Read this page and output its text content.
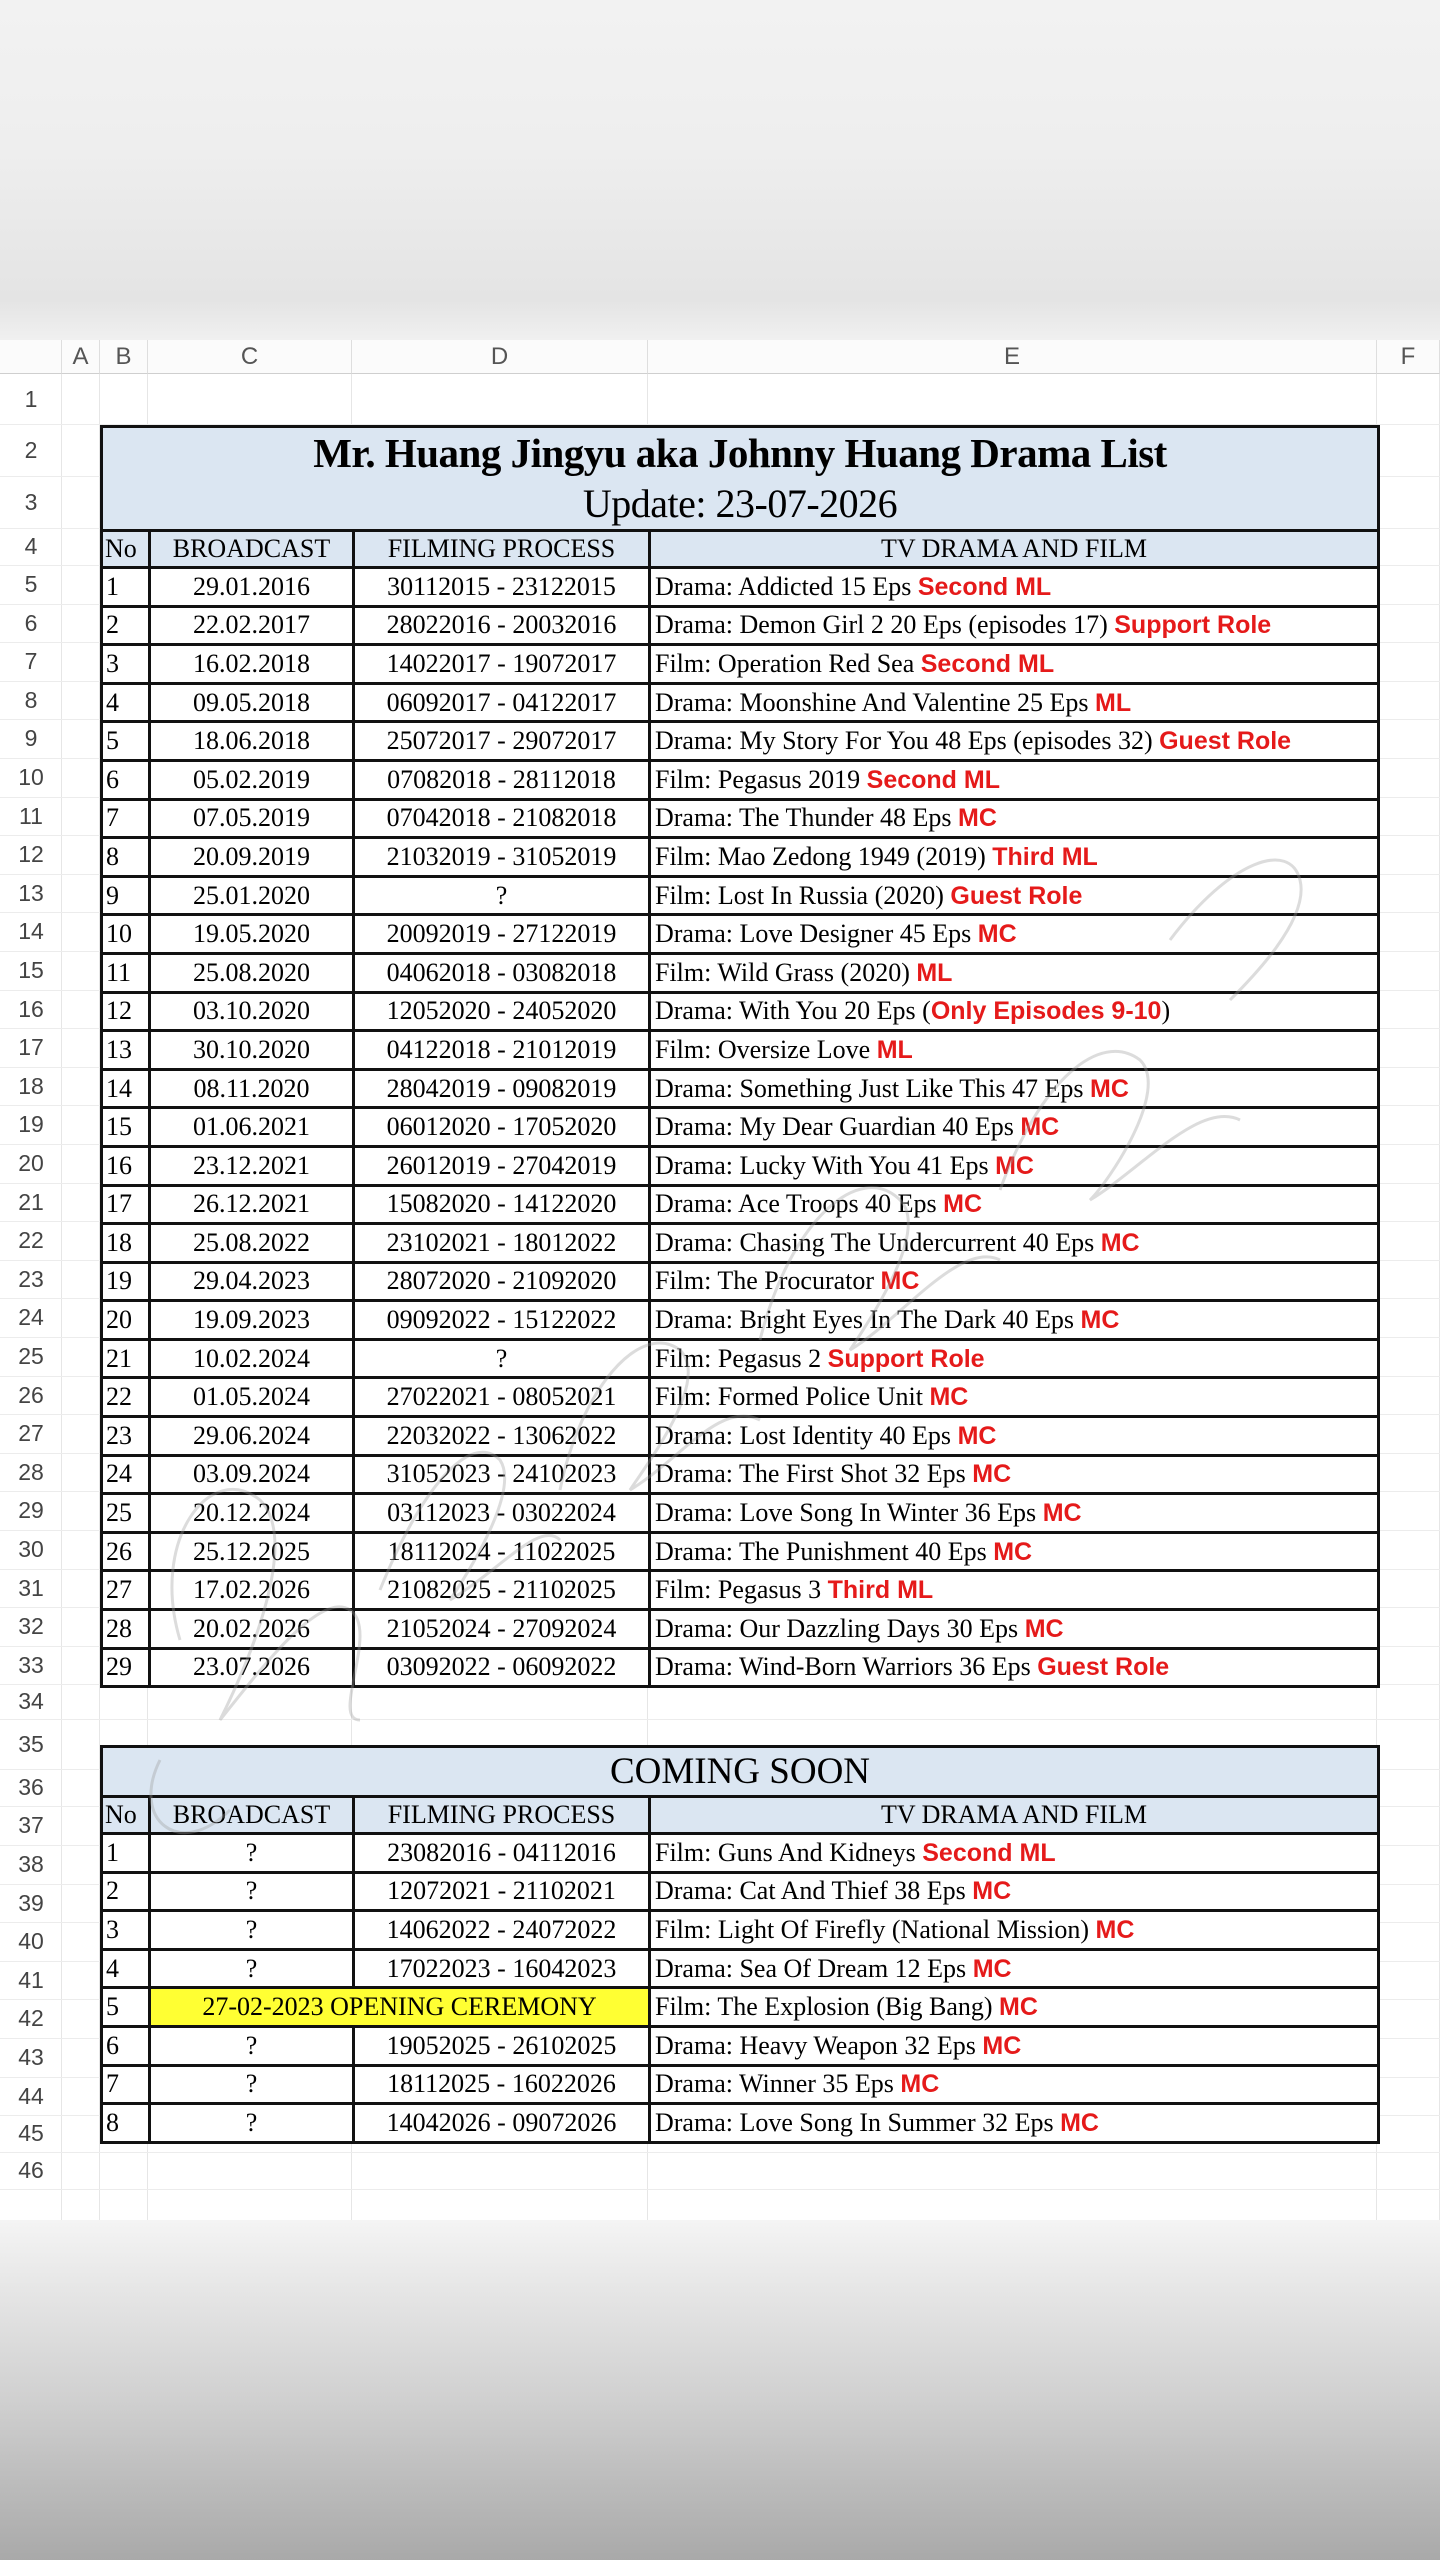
A	B	C	D	E	F
1
2
3
4
5
6
7
8
9
10
11
12
13
14
15
16
17
18
19
20
21
22
23
24
25
26
27
28
29
30
31
32
33
34
35
36
37
38
39
40
41
42
43
44
45
46
Mr. Huang Jingyu aka Johnny Huang Drama List			
Update: 23-07-2026			
No	BROADCAST	FILMING PROCESS	TV DRAMA AND FILM
1	29.01.2016	30112015 - 23122015	Drama: Addicted 15 Eps Second ML
2	22.02.2017	28022016 - 20032016	Drama: Demon Girl 2 20 Eps (episodes 17) Support Role
3	16.02.2018	14022017 - 19072017	Film: Operation Red Sea Second ML
4	09.05.2018	06092017 - 04122017	Drama: Moonshine And Valentine 25 Eps ML
5	18.06.2018	25072017 - 29072017	Drama: My Story For You 48 Eps (episodes 32) Guest Role
6	05.02.2019	07082018 - 28112018	Film: Pegasus 2019 Second ML
7	07.05.2019	07042018 - 21082018	Drama: The Thunder 48 Eps MC
8	20.09.2019	21032019 - 31052019	Film: Mao Zedong 1949 (2019) Third ML
9	25.01.2020	?	Film: Lost In Russia (2020) Guest Role
10	19.05.2020	20092019 - 27122019	Drama: Love Designer 45 Eps MC
11	25.08.2020	04062018 - 03082018	Film: Wild Grass (2020) ML
12	03.10.2020	12052020 - 24052020	Drama: With You 20 Eps (Only Episodes 9-10)
13	30.10.2020	04122018 - 21012019	Film: Oversize Love ML
14	08.11.2020	28042019 - 09082019	Drama: Something Just Like This 47 Eps MC
15	01.06.2021	06012020 - 17052020	Drama: My Dear Guardian 40 Eps MC
16	23.12.2021	26012019 - 27042019	Drama: Lucky With You 41 Eps MC
17	26.12.2021	15082020 - 14122020	Drama: Ace Troops 40 Eps MC
18	25.08.2022	23102021 - 18012022	Drama: Chasing The Undercurrent 40 Eps MC
19	29.04.2023	28072020 - 21092020	Film: The Procurator MC
20	19.09.2023	09092022 - 15122022	Drama: Bright Eyes In The Dark 40 Eps MC
21	10.02.2024	?	Film: Pegasus 2 Support Role
22	01.05.2024	27022021 - 08052021	Film: Formed Police Unit MC
23	29.06.2024	22032022 - 13062022	Drama: Lost Identity 40 Eps MC
24	03.09.2024	31052023 - 24102023	Drama: The First Shot 32 Eps MC
25	20.12.2024	03112023 - 03022024	Drama: Love Song In Winter 36 Eps MC
26	25.12.2025	18112024 - 11022025	Drama: The Punishment 40 Eps MC
27	17.02.2026	21082025 - 21102025	Film: Pegasus 3 Third ML
28	20.02.2026	21052024 - 27092024	Drama: Our Dazzling Days 30 Eps MC
29	23.07.2026	03092022 - 06092022	Drama: Wind-Born Warriors 36 Eps Guest Role
COMING SOON			
No	BROADCAST	FILMING PROCESS	TV DRAMA AND FILM
1	?	23082016 - 04112016	Film: Guns And Kidneys Second ML
2	?	12072021 - 21102021	Drama: Cat And Thief 38 Eps MC
3	?	14062022 - 24072022	Film: Light Of Firefly (National Mission) MC
4	?	17022023 - 16042023	Drama: Sea Of Dream 12 Eps MC
5	27-02-2023 OPENING CEREMONY		Film: The Explosion (Big Bang) MC
6	?	19052025 - 26102025	Drama: Heavy Weapon 32 Eps MC
7	?	18112025 - 16022026	Drama: Winner 35 Eps MC
8	?	14042026 - 09072026	Drama: Love Song In Summer 32 Eps MC
